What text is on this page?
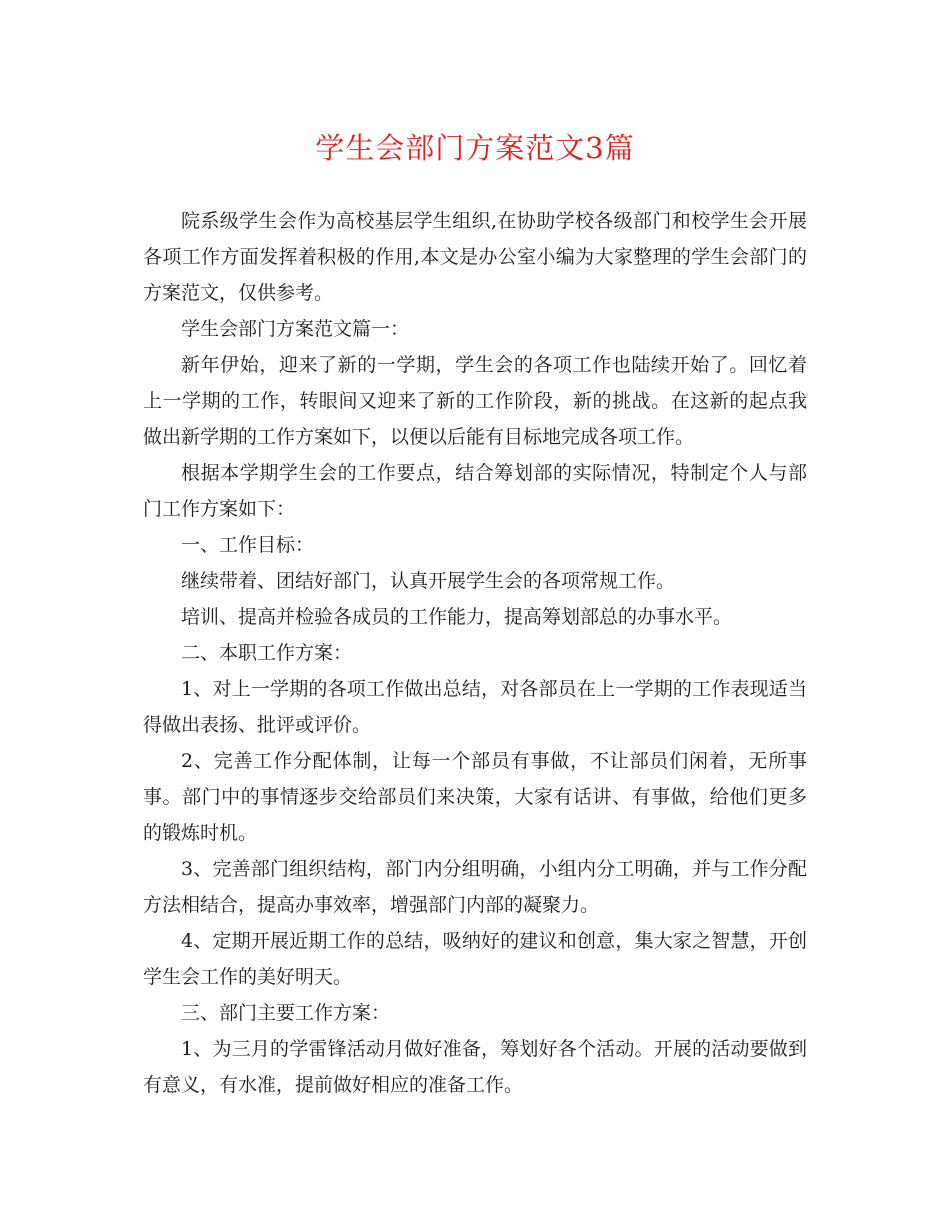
学生会部门方案范文3篇

院系级学生会作为高校基层学生组织,在协助学校各级部门和校学生会开展各项工作方面发挥着积极的作用,本文是办公室小编为大家整理的学生会部门的方案范文，仅供参考。

学生会部门方案范文篇一：

新年伊始，迎来了新的一学期，学生会的各项工作也陆续开始了。回忆着上一学期的工作，转眼间又迎来了新的工作阶段，新的挑战。在这新的起点我做出新学期的工作方案如下，以便以后能有目标地完成各项工作。

根据本学期学生会的工作要点，结合筹划部的实际情况，特制定个人与部门工作方案如下：

一、工作目标：

继续带着、团结好部门，认真开展学生会的各项常规工作。

培训、提高并检验各成员的工作能力，提高筹划部总的办事水平。

二、本职工作方案：

1、对上一学期的各项工作做出总结，对各部员在上一学期的工作表现适当得做出表扬、批评或评价。

2、完善工作分配体制，让每一个部员有事做，不让部员们闲着，无所事事。部门中的事情逐步交给部员们来决策，大家有话讲、有事做，给他们更多的锻炼时机。

3、完善部门组织结构，部门内分组明确，小组内分工明确，并与工作分配方法相结合，提高办事效率，增强部门内部的凝聚力。

4、定期开展近期工作的总结，吸纳好的建议和创意，集大家之智慧，开创学生会工作的美好明天。

三、部门主要工作方案：

1、为三月的学雷锋活动月做好准备，筹划好各个活动。开展的活动要做到有意义，有水准，提前做好相应的准备工作。
